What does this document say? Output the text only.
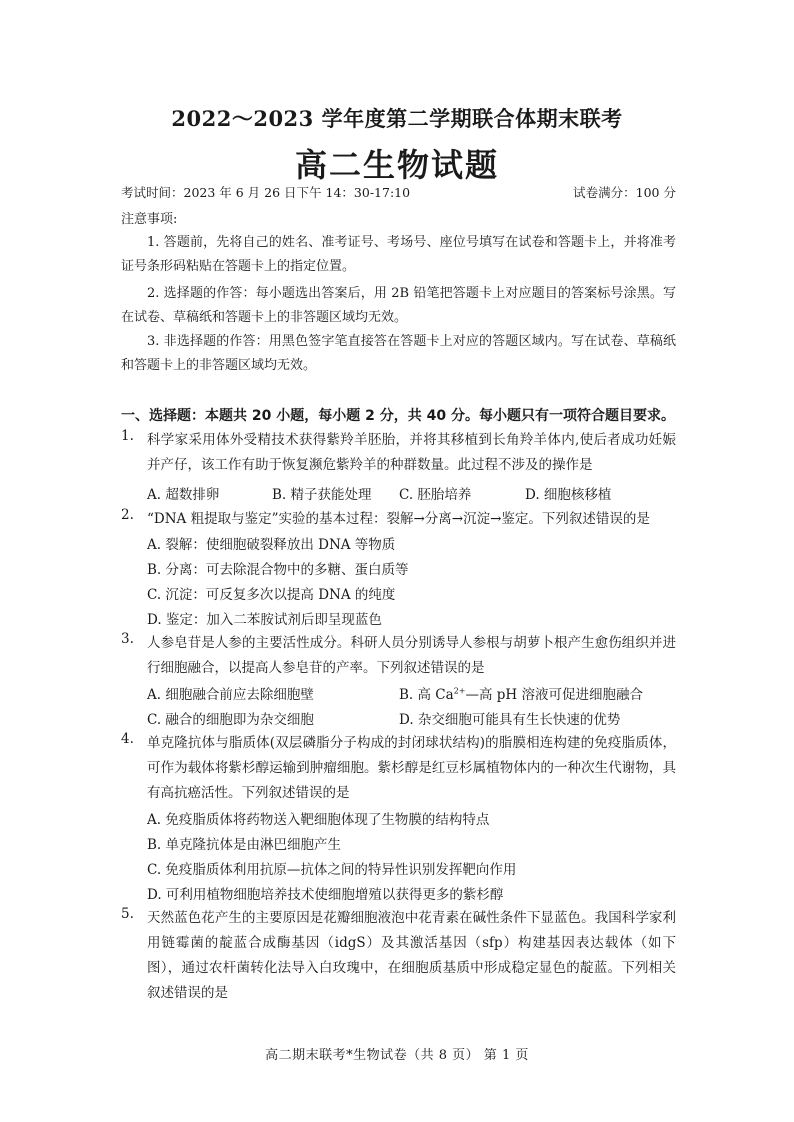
2022～2023 学年度第二学期联合体期末联考
高二生物试题
考试时间：2023 年 6 月 26 日下午 14：30-17:10	试卷满分：100 分
注意事项:
1. 答题前，先将自己的姓名、准考证号、考场号、座位号填写在试卷和答题卡上，并将准考证号条形码粘贴在答题卡上的指定位置。
2. 选择题的作答：每小题选出答案后，用 2B 铅笔把答题卡上对应题目的答案标号涂黑。写在试卷、草稿纸和答题卡上的非答题区域均无效。
3. 非选择题的作答：用黑色签字笔直接答在答题卡上对应的答题区域内。写在试卷、草稿纸和答题卡上的非答题区域均无效。
一、选择题：本题共 20 小题，每小题 2 分，共 40 分。每小题只有一项符合题目要求。
1. 科学家采用体外受精技术获得紫羚羊胚胎，并将其移植到长角羚羊体内,使后者成功妊娠并产仔，该工作有助于恢复濒危紫羚羊的种群数量。此过程不涉及的操作是
A. 超数排卵	B. 精子获能处理 C. 胚胎培养	D. 细胞核移植
2. “DNA 粗提取与鉴定”实验的基本过程：裂解→分离→沉淀→鉴定。下列叙述错误的是
A. 裂解：使细胞破裂释放出 DNA 等物质
B. 分离：可去除混合物中的多糖、蛋白质等
C. 沉淀：可反复多次以提高 DNA 的纯度
D. 鉴定：加入二苯胺试剂后即呈现蓝色
3. 人参皂苷是人参的主要活性成分。科研人员分别诱导人参根与胡萝卜根产生愈伤组织并进行细胞融合，以提高人参皂苷的产率。下列叙述错误的是
A. 细胞融合前应去除细胞壁	B. 高 $Ca^{2+}—$高 pH 溶液可促进细胞融合
C. 融合的细胞即为杂交细胞	D. 杂交细胞可能具有生长快速的优势
4. 单克隆抗体与脂质体(双层磷脂分子构成的封闭球状结构)的脂膜相连构建的免疫脂质体，可作为载体将紫杉醇运输到肿瘤细胞。紫杉醇是红豆杉属植物体内的一种次生代谢物，具有高抗癌活性。下列叙述错误的是
A. 免疫脂质体将药物送入靶细胞体现了生物膜的结构特点
B. 单克隆抗体是由淋巴细胞产生
C. 免疫脂质体利用抗原—抗体之间的特异性识别发挥靶向作用
D. 可利用植物细胞培养技术使细胞增殖以获得更多的紫杉醇
5. 天然蓝色花产生的主要原因是花瓣细胞液泡中花青素在碱性条件下显蓝色。我国科学家利用链霉菌的靛蓝合成酶基因（idgS）及其激活基因（sfp）构建基因表达载体（如下图），通过农杆菌转化法导入白玫瑰中，在细胞质基质中形成稳定显色的靛蓝。下列相关叙述错误的是
高二期末联考*生物试卷（共 8 页） 第 1 页
